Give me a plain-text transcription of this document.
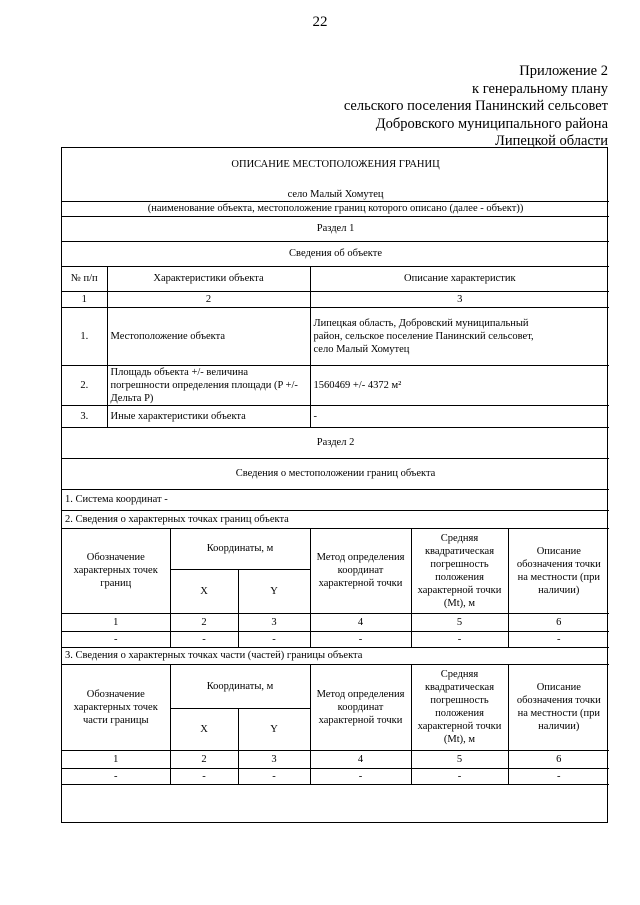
22
Приложение 2
к генеральному плану
сельского поселения Панинский сельсовет
Добровского муниципального района
Липецкой области
ОПИСАНИЕ МЕСТОПОЛОЖЕНИЯ ГРАНИЦ						
село Малый Хомутец						
(наименование объекта, местоположение границ которого описано (далее - объект))						
Раздел 1						
Сведения об объекте						
№ п/п	Характеристики объекта			Описание характеристик		
1	2			3		
1.	Местоположение объекта			Липецкая область, Добровский муниципальный район, сельское поселение Панинский сельсовет, село Малый Хомутец		
2.	Площадь объекта +/- величина погрешности определения площади (P +/- Дельта P)			1560469 +/- 4372 м²		
3.	Иные характеристики объекта			-		
Раздел 2						
Сведения о местоположении границ объекта						
1. Система координат -						
2. Сведения о характерных точках границ объекта						
Обозначение характерных точек границ		Координаты, м		Метод определения координат характерной точки	Средняя квадратическая погрешность положения характерной точки (Mt), м	Описание обозначения точки на местности (при наличии)
		X	Y			
1		2	3	4	5	6
-		-	-	-	-	-
3. Сведения о характерных точках части (частей) границы объекта						
Обозначение характерных точек части границы		Координаты, м		Метод определения координат характерной точки	Средняя квадратическая погрешность положения характерной точки (Mt), м	Описание обозначения точки на местности (при наличии)
		X	Y			
1		2	3	4	5	6
-		-	-	-	-	-
